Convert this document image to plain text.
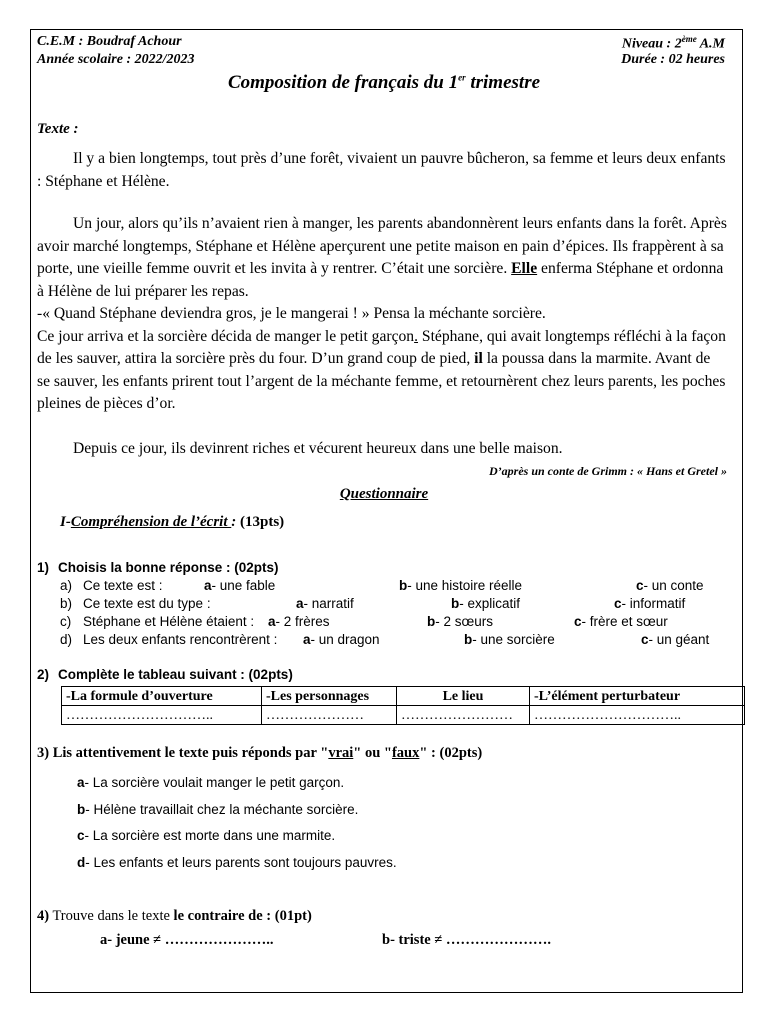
C.E.M : Boudraf Achour
Année scolaire : 2022/2023
Niveau : 2ème A.M
Durée : 02 heures
Composition de français du 1er trimestre
Texte :
Il y a bien longtemps, tout près d’une forêt, vivaient un pauvre bûcheron, sa femme et leurs deux enfants : Stéphane et Hélène.
Un jour, alors qu’ils n’avaient rien à manger, les parents abandonnèrent leurs enfants dans la forêt. Après avoir marché longtemps, Stéphane et Hélène aperçurent une petite maison en pain d’épices. Ils frappèrent à sa porte, une vieille femme ouvrit et les invita à y rentrer. C’était une sorcière. Elle enferma Stéphane et ordonna à Hélène de lui préparer les repas.
-« Quand Stéphane deviendra gros, je le mangerai ! » Pensa la méchante sorcière.
Ce jour arriva et la sorcière décida de manger le petit garçon. Stéphane, qui avait longtemps réfléchi à la façon de les sauver, attira la sorcière près du four. D’un grand coup de pied, il la poussa dans la marmite. Avant de se sauver, les enfants prirent tout l’argent de la méchante femme, et retournèrent chez leurs parents, les poches pleines de pièces d’or.
Depuis ce jour, ils devinrent riches et vécurent heureux dans une belle maison.
D’après un conte de Grimm : « Hans et Gretel »
Questionnaire
I-Compréhension de l’écrit : (13pts)
1) Choisis la bonne réponse : (02pts)
a) Ce texte est :	a- une fable	b- une histoire réelle	c- un conte
b) Ce texte est du type :	a- narratif	b- explicatif	c- informatif
c) Stéphane et Hélène étaient : a- 2 frères	b- 2 sœurs	c- frère et sœur
d) Les deux enfants rencontrèrent : a- un dragon	b- une sorcière	c- un géant
2) Complète le tableau suivant : (02pts)
-La formule d’ouverture	-Les personnages	Le lieu	-L’élément perturbateur
…………………………..	…………………	……………………	…………………………..
3) Lis attentivement le texte puis réponds par "vrai" ou "faux" : (02pts)
a- La sorcière voulait manger le petit garçon.
b- Hélène travaillait chez la méchante sorcière.
c- La sorcière est morte dans une marmite.
d- Les enfants et leurs parents sont toujours pauvres.
4) Trouve dans le texte le contraire de : (01pt)
a- jeune ≠ …………………..	b- triste ≠ ………………….
